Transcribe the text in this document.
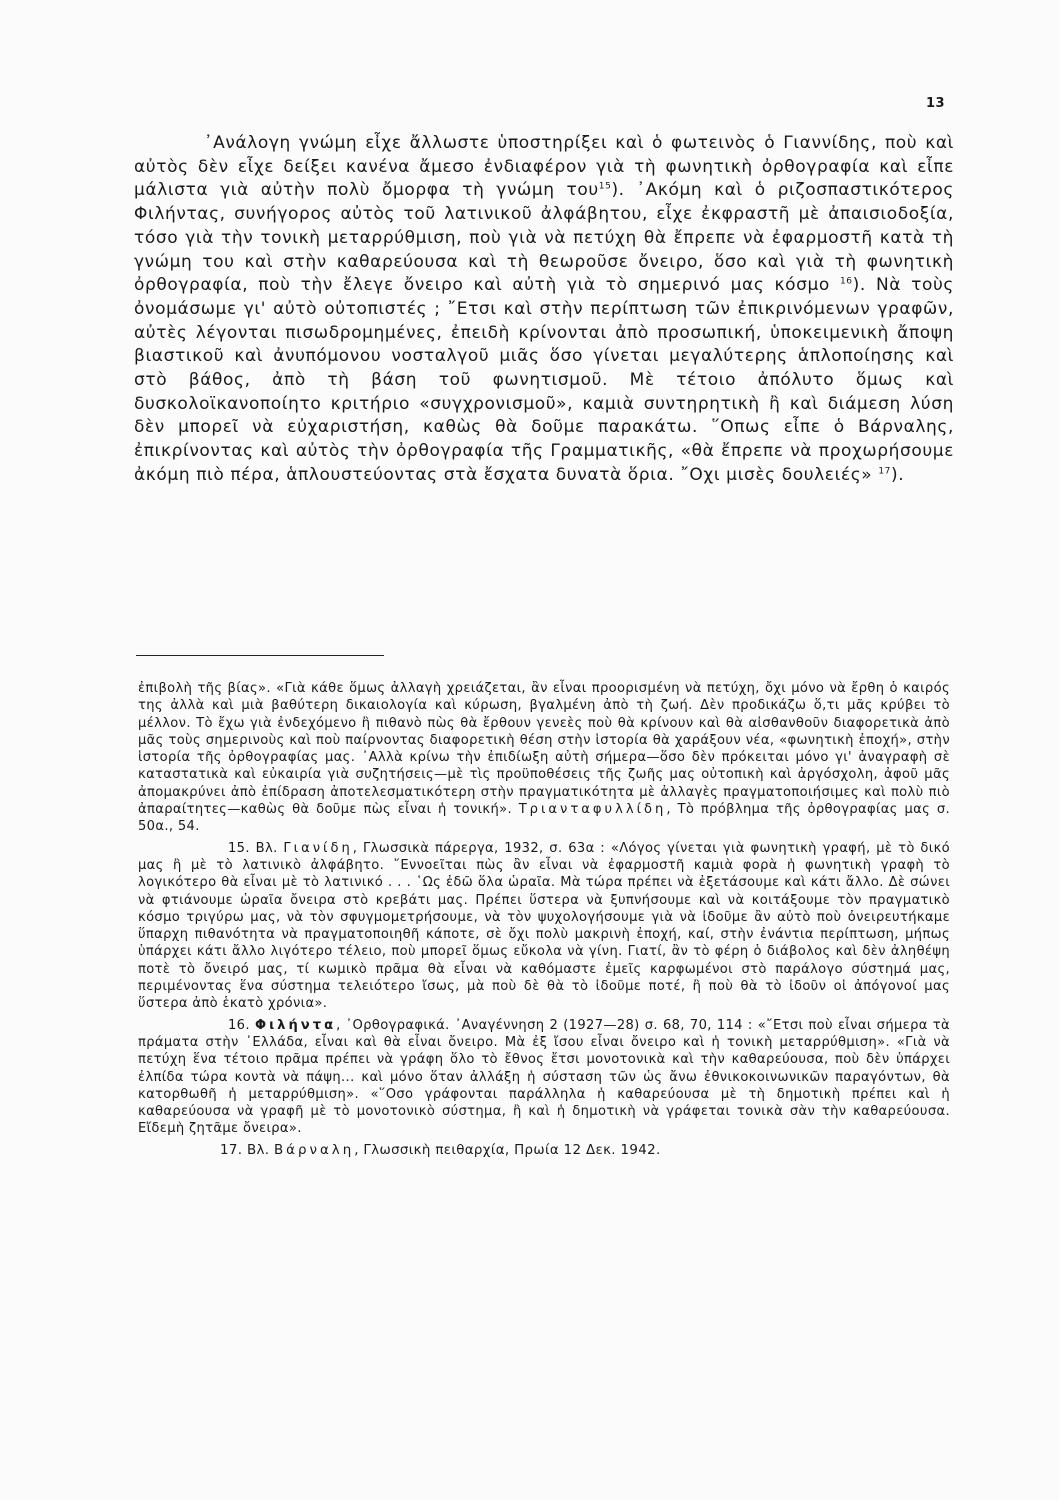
13

᾿Ανάλογη γνώμη εἶχε ἄλλωστε ὑποστηρίξει καὶ ὁ φωτεινὸς ὁ Γιαννίδης, ποὺ καὶ αὐτὸς δὲν εἶχε δείξει κανένα ἄμεσο ἐνδιαφέρον γιὰ τὴ φωνητικὴ ὀρθογραφία καὶ εἶπε μάλιστα γιὰ αὐτὴν πολὺ ὄμορφα τὴ γνώμη του$^{15}$). ᾿Ακόμη καὶ ὁ ριζοσπαστικότερος Φιλήντας, συνήγορος αὐτὸς τοῦ λατινικοῦ ἀλφάβητου, εἶχε ἐκφραστῆ μὲ ἀπαισιοδοξία, τόσο γιὰ τὴν τονικὴ μεταρρύθμιση, ποὺ γιὰ νὰ πετύχη θὰ ἔπρεπε νὰ ἐφαρμοστῆ κατὰ τὴ γνώμη του καὶ στὴν καθαρεύουσα καὶ τὴ θεωροῦσε ὄνειρο, ὅσο καὶ γιὰ τὴ φωνητικὴ ὀρθογραφία, ποὺ τὴν ἔλεγε ὄνειρο καὶ αὐτὴ γιὰ τὸ σημερινό μας κόσμο $^{16}$). Νὰ τοὺς ὀνομάσωμε γι' αὐτὸ οὐτοπιστές ; ῎Ετσι καὶ στὴν περίπτωση τῶν ἐπικρινόμενων γραφῶν, αὐτὲς λέγονται πισωδρομημένες, ἐπειδὴ κρίνονται ἀπὸ προσωπική, ὑποκειμενικὴ ἄποψη βιαστικοῦ καὶ ἀνυπόμονου νοσταλγοῦ μιᾶς ὅσο γίνεται μεγαλύτερης ἁπλοποίησης καὶ στὸ βάθος, ἀπὸ τὴ βάση τοῦ φωνητισμοῦ. Μὲ τέτοιο ἀπόλυτο ὅμως καὶ δυσκολοϊκανοποίητο κριτήριο «συγχρονισμοῦ», καμιὰ συντηρητικὴ ἢ καὶ διάμεση λύση δὲν μπορεῖ νὰ εὐχαριστήση, καθὼς θὰ δοῦμε παρακάτω. ῞Οπως εἶπε ὁ Βάρναλης, ἐπικρίνοντας καὶ αὐτὸς τὴν ὀρθογραφία τῆς Γραμματικῆς, «θὰ ἔπρεπε νὰ προχωρήσουμε ἀκόμη πιὸ πέρα, ἁπλουστεύοντας στὰ ἔσχατα δυνατὰ ὅρια. ῎Οχι μισὲς δουλειές» $^{17}$).

ἐπιβολὴ τῆς βίας». «Γιὰ κάθε ὅμως ἀλλαγὴ χρειάζεται, ἂν εἶναι προορισμένη νὰ πετύχη, ὄχι μόνο νὰ ἔρθη ὁ καιρός της ἀλλὰ καὶ μιὰ βαθύτερη δικαιολογία καὶ κύρωση, βγαλμένη ἀπὸ τὴ ζωή. Δὲν προδικάζω ὅ,τι μᾶς κρύβει τὸ μέλλον. Τὸ ἔχω γιὰ ἐνδεχόμενο ἢ πιθανὸ πὼς θὰ ἔρθουν γενεὲς ποὺ θὰ κρίνουν καὶ θὰ αἰσθανθοῦν διαφορετικὰ ἀπὸ μᾶς τοὺς σημερινοὺς καὶ ποὺ παίρνοντας διαφορετικὴ θέση στὴν ἱστορία θὰ χαράξουν νέα, «φωνητικὴ ἐποχή», στὴν ἱστορία τῆς ὀρθογραφίας μας. ᾿Αλλὰ κρίνω τὴν ἐπιδίωξη αὐτὴ σήμερα—ὅσο δὲν πρόκειται μόνο γι' ἀναγραφὴ σὲ καταστατικὰ καὶ εὐκαιρία γιὰ συζητήσεις—μὲ τὶς προϋποθέσεις τῆς ζωῆς μας οὐτοπικὴ καὶ ἀργόσχολη, ἀφοῦ μᾶς ἀπομακρύνει ἀπὸ ἐπίδραση ἀποτελεσματικότερη στὴν πραγματικότητα μὲ ἀλλαγὲς πραγματοποιήσιμες καὶ πολὺ πιὸ ἀπαραίτητες—καθὼς θὰ δοῦμε πὼς εἶναι ἡ τονική». Τριανταφυλλίδη, Τὸ πρόβλημα τῆς ὀρθογραφίας μας σ. 50α., 54.

15. Βλ. Γιανίδη, Γλωσσικὰ πάρεργα, 1932, σ. 63α : «Λόγος γίνεται γιὰ φωνητικὴ γραφή, μὲ τὸ δικό μας ἢ μὲ τὸ λατινικὸ ἀλφάβητο. ῎Εννοεῖται πὼς ἂν εἶναι νὰ ἐφαρμοστῆ καμιὰ φορὰ ἡ φωνητικὴ γραφὴ τὸ λογικότερο θὰ εἶναι μὲ τὸ λατινικό . . . ῾Ως ἐδῶ ὅλα ὡραῖα. Μὰ τώρα πρέπει νὰ ἐξετάσουμε καὶ κάτι ἄλλο. Δὲ σώνει νὰ φτιάνουμε ὡραῖα ὄνειρα στὸ κρεβάτι μας. Πρέπει ὕστερα νὰ ξυπνήσουμε καὶ νὰ κοιτάξουμε τὸν πραγματικὸ κόσμο τριγύρω μας, νὰ τὸν σφυγμομετρήσουμε, νὰ τὸν ψυχολογήσουμε γιὰ νὰ ἰδοῦμε ἂν αὐτὸ ποὺ ὀνειρευτήκαμε ὕπαρχη πιθανότητα νὰ πραγματοποιηθῆ κάποτε, σὲ ὄχι πολὺ μακρινὴ ἐποχή, καί, στὴν ἐνάντια περίπτωση, μήπως ὑπάρχει κάτι ἄλλο λιγότερο τέλειο, ποὺ μπορεῖ ὅμως εὔκολα νὰ γίνη. Γιατί, ἂν τὸ φέρη ὁ διάβολος καὶ δὲν ἀληθέψη ποτὲ τὸ ὄνειρό μας, τί κωμικὸ πρᾶμα θὰ εἶναι νὰ καθόμαστε ἐμεῖς καρφωμένοι στὸ παράλογο σύστημά μας, περιμένοντας ἕνα σύστημα τελειότερο ἴσως, μὰ ποὺ δὲ θὰ τὸ ἰδοῦμε ποτέ, ἢ ποὺ θὰ τὸ ἰδοῦν οἱ ἀπόγονοί μας ὕστερα ἀπὸ ἑκατὸ χρόνια».

16. Φιλήντα, ᾿Ορθογραφικά. ᾿Αναγέννηση 2 (1927—28) σ. 68, 70, 114 : «῎Ετσι ποὺ εἶναι σήμερα τὰ πράματα στὴν ᾿Ελλάδα, εἶναι καὶ θὰ εἶναι ὄνειρο. Μὰ ἐξ ἴσου εἶναι ὄνειρο καὶ ἡ τονικὴ μεταρρύθμιση». «Γιὰ νὰ πετύχη ἕνα τέτοιο πρᾶμα πρέπει νὰ γράφη ὅλο τὸ ἔθνος ἔτσι μονοτονικὰ καὶ τὴν καθαρεύουσα, ποὺ δὲν ὑπάρχει ἐλπίδα τώρα κοντὰ νὰ πάψη... καὶ μόνο ὅταν ἀλλάξη ἡ σύσταση τῶν ὡς ἄνω ἐθνικοκοινωνικῶν παραγόντων, θὰ κατορθωθῆ ἡ μεταρρύθμιση». «῞Οσο γράφονται παράλληλα ἡ καθαρεύουσα μὲ τὴ δημοτικὴ πρέπει καὶ ἡ καθαρεύουσα νὰ γραφῆ μὲ τὸ μονοτονικὸ σύστημα, ἢ καὶ ἡ δημοτικὴ νὰ γράφεται τονικὰ σὰν τὴν καθαρεύουσα. Εἴδεμὴ ζητᾶμε ὄνειρα».

17. Βλ. Βάρναλη, Γλωσσικὴ πειθαρχία, Πρωία 12 Δεκ. 1942.
